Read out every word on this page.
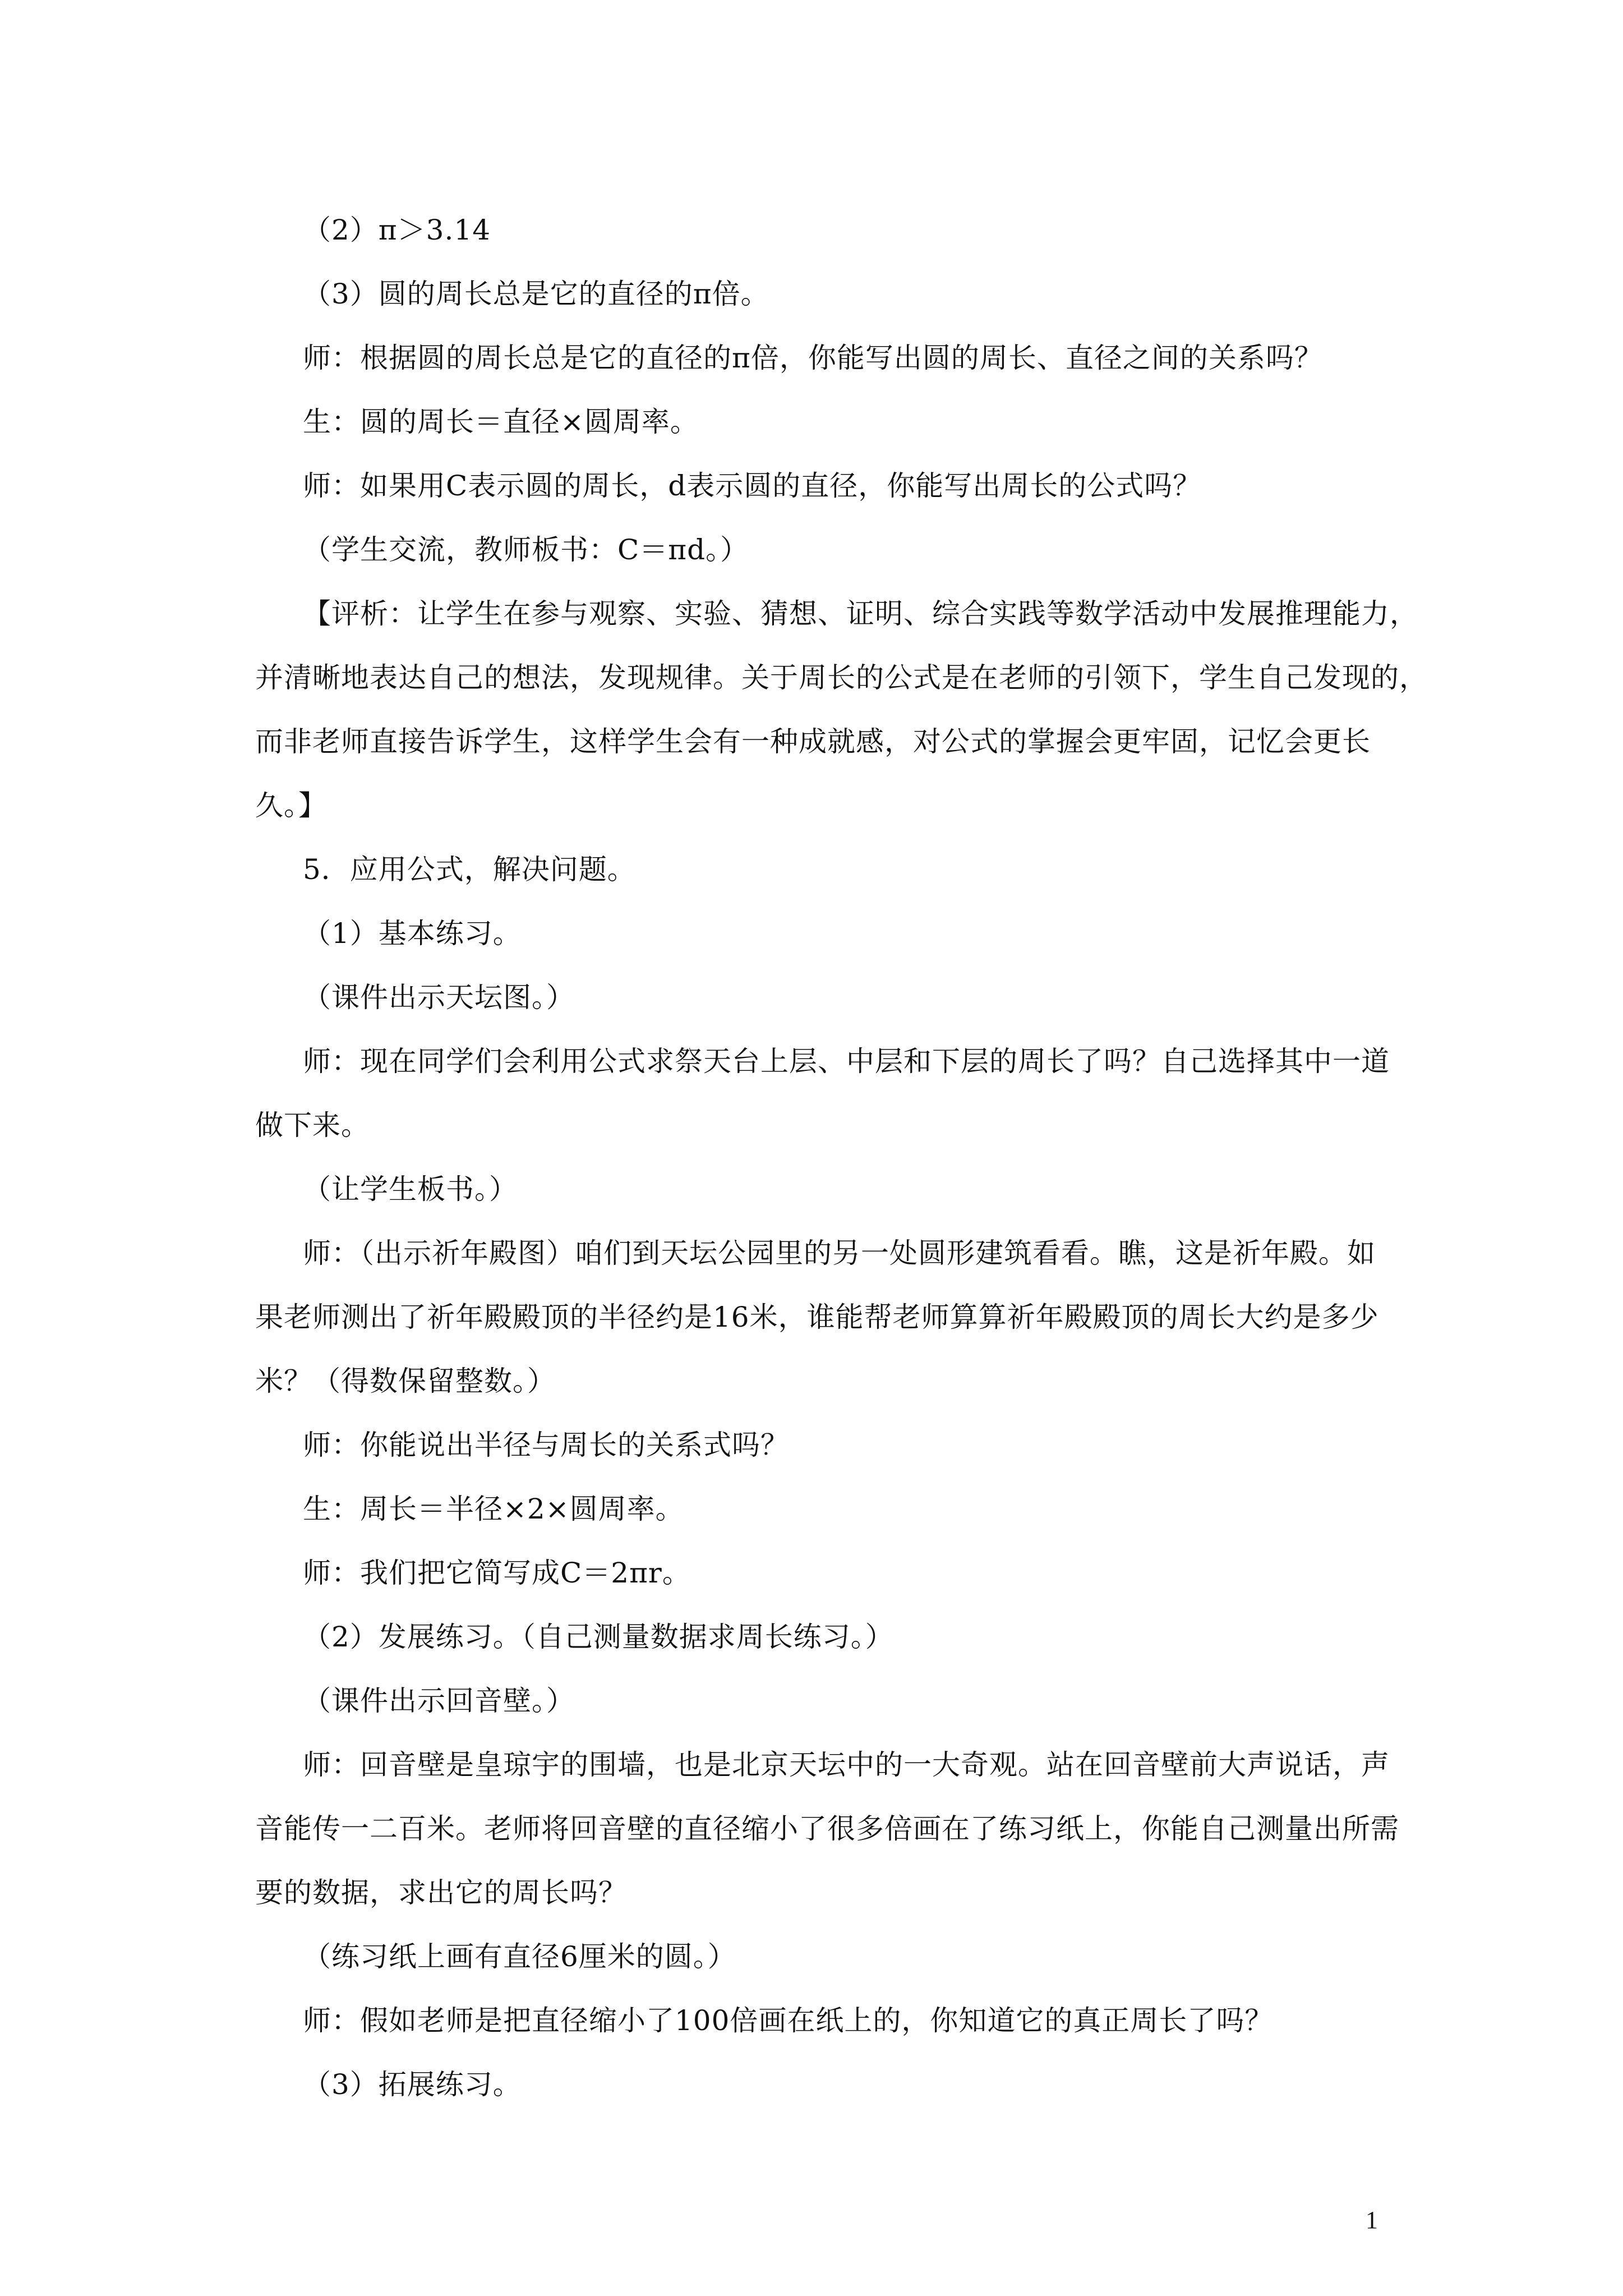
（2）π＞3.14
（3）圆的周长总是它的直径的π倍。
师：根据圆的周长总是它的直径的π倍，你能写出圆的周长、直径之间的关系吗？
生：圆的周长＝直径×圆周率。
师：如果用C表示圆的周长，d表示圆的直径，你能写出周长的公式吗？
（学生交流，教师板书：C＝πd。）
【评析：让学生在参与观察、实验、猜想、证明、综合实践等数学活动中发展推理能力，
并清晰地表达自己的想法，发现规律。关于周长的公式是在老师的引领下，学生自己发现的，
而非老师直接告诉学生，这样学生会有一种成就感，对公式的掌握会更牢固，记忆会更长
久。】
5．应用公式，解决问题。
（1）基本练习。
（课件出示天坛图。）
师：现在同学们会利用公式求祭天台上层、中层和下层的周长了吗？自己选择其中一道
做下来。
（让学生板书。）
师：（出示祈年殿图）咱们到天坛公园里的另一处圆形建筑看看。瞧，这是祈年殿。如
果老师测出了祈年殿殿顶的半径约是16米，谁能帮老师算算祈年殿殿顶的周长大约是多少
米？（得数保留整数。）
师：你能说出半径与周长的关系式吗？
生：周长＝半径×2×圆周率。
师：我们把它简写成C＝2πr。
（2）发展练习。（自己测量数据求周长练习。）
（课件出示回音壁。）
师：回音壁是皇琼宇的围墙，也是北京天坛中的一大奇观。站在回音壁前大声说话，声
音能传一二百米。老师将回音壁的直径缩小了很多倍画在了练习纸上，你能自己测量出所需
要的数据，求出它的周长吗？
（练习纸上画有直径6厘米的圆。）
师：假如老师是把直径缩小了100倍画在纸上的，你知道它的真正周长了吗？
（3）拓展练习。
1
